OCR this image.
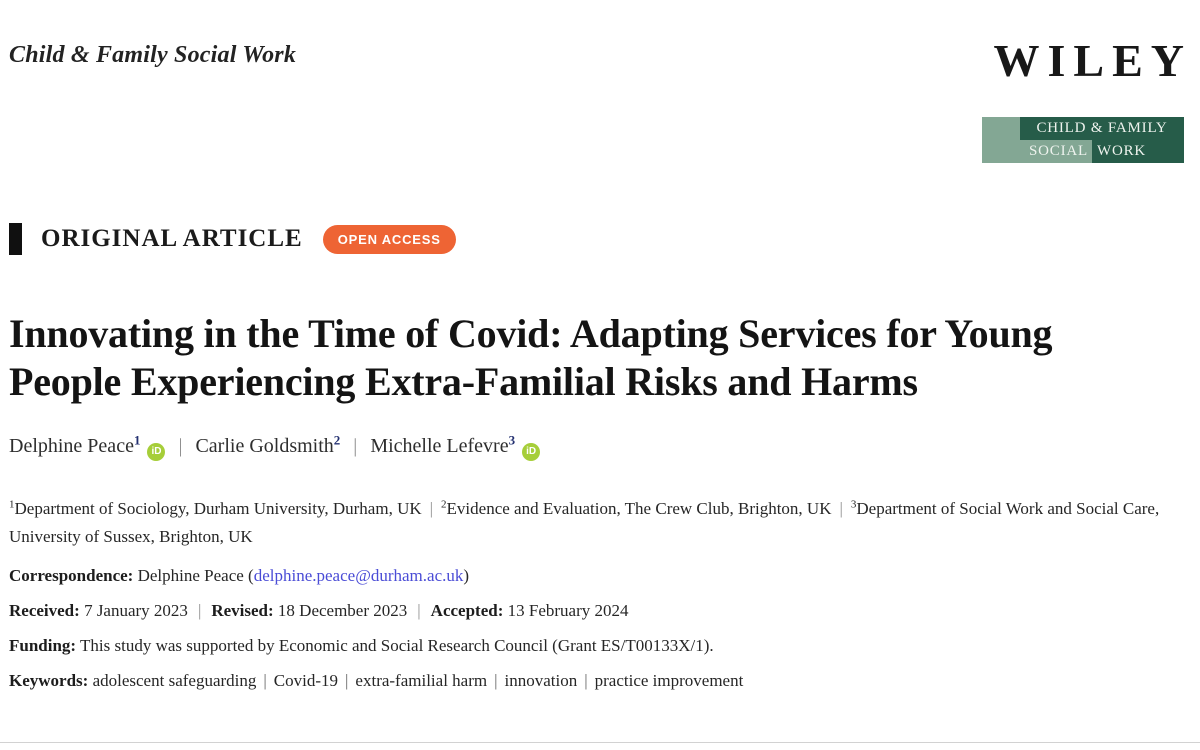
Child & Family Social Work	WILEY
CHILD & FAMILY
SOCIAL WORK
ORIGINAL ARTICLE	OPEN ACCESS
Innovating in the Time of Covid: Adapting Services for Young People Experiencing Extra-Familial Risks and Harms
Delphine Peace$^1$iD | Carlie Goldsmith$^2$ | Michelle Lefevre$^3$iD
$^1$Department of Sociology, Durham University, Durham, UK | $^2$Evidence and Evaluation, The Crew Club, Brighton, UK | $^3$Department of Social Work and Social Care, University of Sussex, Brighton, UK
Correspondence: Delphine Peace ( delphine.peace@durham.ac.uk )
Received: 7 January 2023 | Revised: 18 December 2023 | Accepted: 13 February 2024
Funding: This study was supported by Economic and Social Research Council (Grant ES/T00133X/1).
Keywords: adolescent safeguarding | Covid-19 | extra-familial harm | innovation | practice improvement
